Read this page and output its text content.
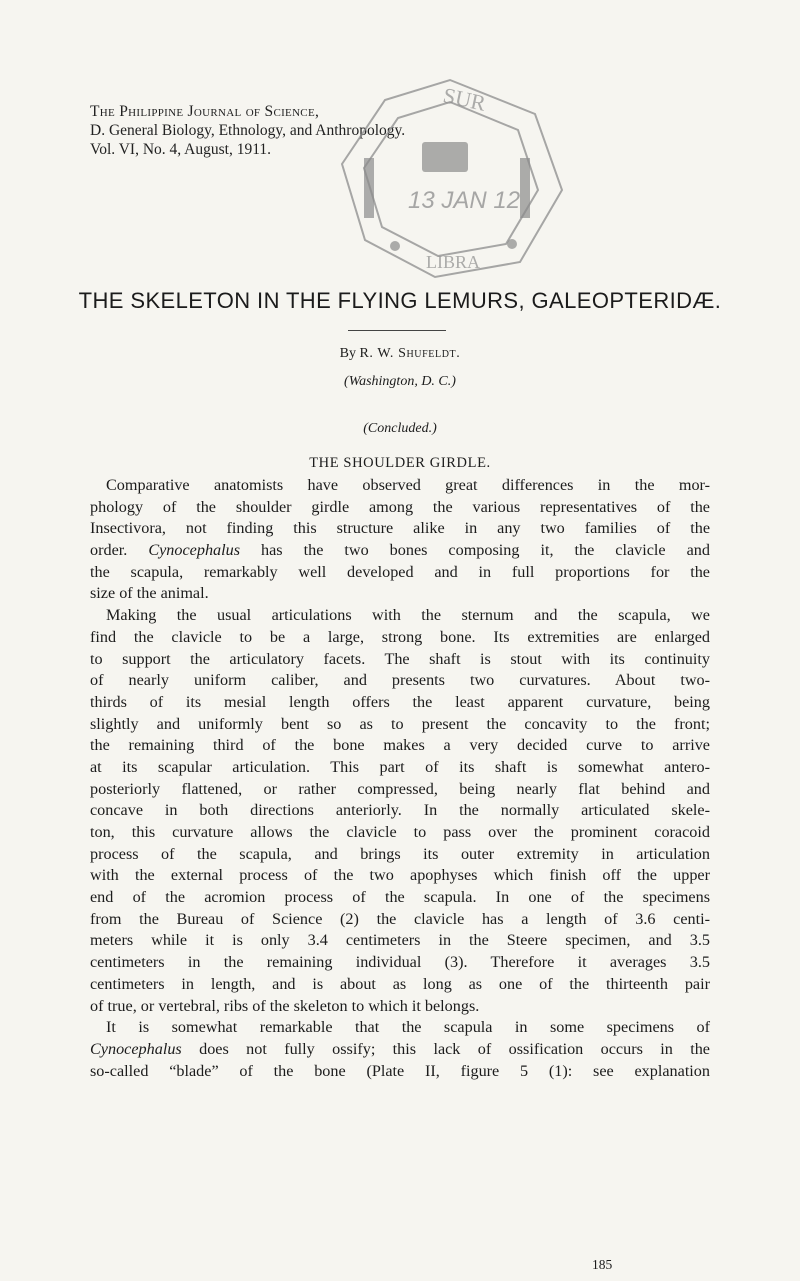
The Philippine Journal of Science,
D. General Biology, Ethnology, and Anthropology.
Vol. VI, No. 4, August, 1911.
SUR
13 JAN 12
LIBRA
THE SKELETON IN THE FLYING LEMURS, GALEOPTERIDÆ.
By R. W. Shufeldt.
(Washington, D. C.)
(Concluded.)
THE SHOULDER GIRDLE.
Comparative anatomists have observed great differences in the mor-
phology of the shoulder girdle among the various representatives of the
Insectivora, not finding this structure alike in any two families of the
order. Cynocephalus has the two bones composing it, the clavicle and
the scapula, remarkably well developed and in full proportions for the
size of the animal.
Making the usual articulations with the sternum and the scapula, we
find the clavicle to be a large, strong bone. Its extremities are enlarged
to support the articulatory facets. The shaft is stout with its continuity
of nearly uniform caliber, and presents two curvatures. About two-
thirds of its mesial length offers the least apparent curvature, being
slightly and uniformly bent so as to present the concavity to the front;
the remaining third of the bone makes a very decided curve to arrive
at its scapular articulation. This part of its shaft is somewhat antero-
posteriorly flattened, or rather compressed, being nearly flat behind and
concave in both directions anteriorly. In the normally articulated skele-
ton, this curvature allows the clavicle to pass over the prominent coracoid
process of the scapula, and brings its outer extremity in articulation
with the external process of the two apophyses which finish off the upper
end of the acromion process of the scapula. In one of the specimens
from the Bureau of Science (2) the clavicle has a length of 3.6 centi-
meters while it is only 3.4 centimeters in the Steere specimen, and 3.5
centimeters in the remaining individual (3). Therefore it averages 3.5
centimeters in length, and is about as long as one of the thirteenth pair
of true, or vertebral, ribs of the skeleton to which it belongs.
It is somewhat remarkable that the scapula in some specimens of
Cynocephalus does not fully ossify; this lack of ossification occurs in the
so-called “blade” of the bone (Plate II, figure 5 (1): see explanation
185
